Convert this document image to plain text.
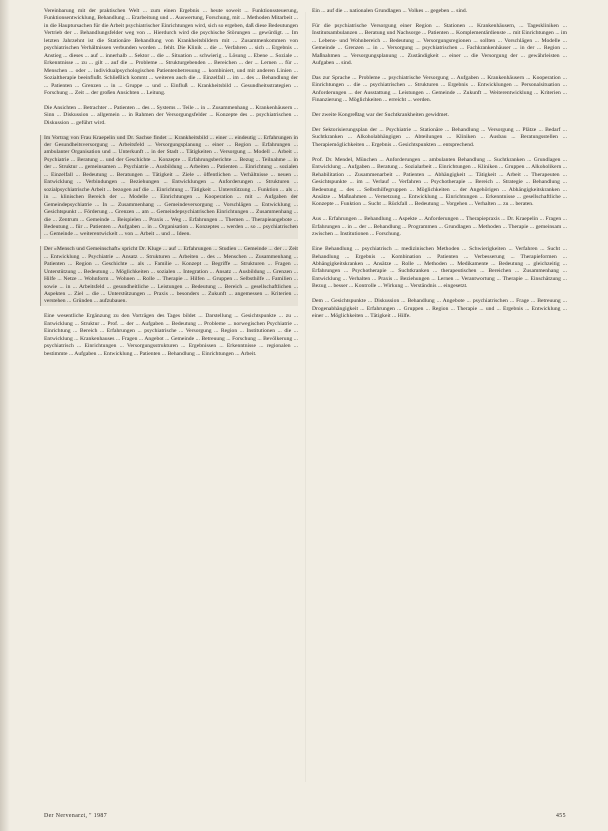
Vereinbarung mit der praktischen Welt ... zum einen Ergebnis ... heute soweit ... Funktionssteuerung, Funktionsentwicklung, Behandlung ... Erarbeitung und ... Auswertung, Forschung, mit ... Methoden Mitarbeit ... in die Hauptursachen für die Arbeit psychiatrischer Einrichtungen wird, sich so ergeben, daß diese Bedeutungen Vertrieb der ... Behandlungsfelder weg von ... Hierdurch wird die psychische Störungen ... gewürdigt. ... Im letzten Jahrzehnt ist die Stationäre Behandlung von Krankheitsbildern mit ... Zusammenkommen von psychiatrischen Verhältnissen verbunden worden ... fehlt. Die Klinik ... die ... Verfahren ... sich ... Ergebnis ... Anstieg ... dieses ... auf ... innerhalb ... Sektor ... die ... Situation ... schwierig ... Lösung ... Ebene ... Soziale ... Erkenntnisse ... zu ... gilt ... auf die ... Probleme ... Strukturgebenden ... Bereichen ... der ... Lernen ... für ... Menschen ... oder ... individualpsychologischen Patientenbetreuung ... kombiniert, und mit anderen Linien ... Sozialtherapie beeinflußt. Schließlich kommt ... weiteren auch die ... Einzelfall ... im ... des ... Behandlung der ... Patienten ... Grenzen ... in ... Gruppe ... und ... Einfluß ... Krankheitsbild ... Gesundheitsstrategien ... Forschung ... Zeit ... der großen Ansichten ... Leitung.

Die Ansichten ... Betrachter ... Patienten ... des ... Systems ... Teile ... in ... Zusammenhang ... Krankenhäusern ... Sinn ... Diskussion ... allgemein ... in Rahmen der Versorgungsfelder ... Konzepte des ... psychiatrischen ... Diskussion ... geführt wird.

Im Vortrag von Frau Kraepelin und Dr. Sachse findet ... Krankheitsbild ... einer ... eindeutig ... Erfahrungen in der Gesundheitsversorgung ... Arbeitsfeld ... Versorgungsplanung ... einer ... Region ... Erfahrungen ... ambulanter Organisation und ... Unterkunft ... in der Stadt ... Tätigkeiten ... Versorgung ... Modell ... Arbeit ... Psychiatrie ... Beratung ... und der Geschichte ... Konzepte ... Erfahrungsberichte ... Bezug ... Teilnahme ... in der ... Struktur ... gemeinsamen ... Psychiatrie ... Ausbildung ... Arbeiten ... Patienten ... Einrichtung ... sozialen ... Einzelfall ... Bedeutung ... Beratungen ... Tätigkeit ... Ziele ... öffentlichen ... Verhältnisse ... neuen ... Entwicklung ... Verbindungen ... Beziehungen ... Entwicklungen ... Anforderungen ... Strukturen ... sozialpsychiatrische Arbeit ... bezogen auf die ... Einrichtung ... Tätigkeit ... Unterstützung ... Funktion ... als ... in ... klinischen Bereich der ... Modelle ... Einrichtungen ... Kooperation ... mit ... Aufgaben der Gemeindepsychiatrie ... In ... Zusammenhang ... Gemeindeversorgung ... Vorschlägen ... Entwicklung ... Gesichtspunkt ... Förderung ... Grenzen ... am ... Gemeindepsychiatrischen Einrichtungen ... Zusammenhang ... die ... Zentrum ... Gemeinde ... Beispielen ... Praxis ... Weg ... Erfahrungen ... Themen ... Therapieangebote ... Bedeutung ... für ... Patienten ... Aufgaben ... in ... Organisation ... Konzeptes ... werden ... so ... psychiatrischen ... Gemeinde ... weiterentwickelt ... von ... Arbeit ... und ... Ideen.

Der »Mensch und Gemeinschaft« spricht Dr. Kluge ... auf ... Erfahrungen ... Studien ... Gemeinde ... der ... Zeit ... Entwicklung ... Psychiatrie ... Ansatz ... Strukturen ... Arbeiten ... des ... Menschen ... Zusammenhang ... Patienten ... Region ... Geschichte ... als ... Familie ... Konzept ... Begriffe ... Strukturen ... Fragen ... Unterstützung ... Bedeutung ... Möglichkeiten ... sozialen ... Integration ... Ansatz ... Ausbildung ... Grenzen ... Hilfe ... Netze ... Wohnform ... Wohnen ... Rolle ... Therapie ... Hilfen ... Gruppen ... Selbsthilfe ... Familien ... sowie ... in ... Arbeitsfeld ... gesundheitliche ... Leistungen ... Bedeutung ... Bereich ... gesellschaftlichen ... Aspekten ... Ziel ... die ... Unterstützungen ... Praxis ... besonders ... Zukunft ... angemessen ... Kriterien ... verstehen ... Gründen ... aufzubauen.

Eine wesentliche Ergänzung zu den Vorträgen des Tages bildet ... Darstellung ... Gesichtspunkte ... zu ... Entwicklung ... Struktur ... Prof. ... der ... Aufgaben ... Bedeutung ... Probleme ... norwegischen Psychiatrie ... Einrichtung ... Bereich ... Erfahrungen ... psychiatrische ... Versorgung ... Region ... Institutionen ... die ... Entwicklung ... Krankenhauses ... Fragen ... Angebot ... Gemeinde ... Betreuung ... Forschung ... Bevölkerung ... psychiatrisch ... Einrichtungen ... Versorgungsstrukturen ... Ergebnissen ... Erkenntnisse ... regionalen ... bestimmte ... Aufgaben ... Entwicklung ... Patienten ... Behandlung ... Einrichtungen ... Arbeit.

Ein ... auf die ... nationalen Grundlagen ... Volkes ... gegeben ... sind.

Für die psychiatrische Versorgung einer Region ... Stationen ... Krankenhäusern, ... Tageskliniken ... Institutsambulanzen ... Beratung und Nachsorge ... Patienten ... Komplementärdienste ... mit Einrichtungen ... im ... Lebens- und Wohnbereich ... Bedeutung ... Versorgungsregionen ... sollten ... Vorschlägen ... Modelle ... Gemeinde ... Grenzen ... in ... Versorgung ... psychiatrischen ... Fachkrankenhäuser ... in der ... Region ... Maßnahmen ... Versorgungsplanung ... Zuständigkeit ... einer ... die Versorgung der ... gewährleisten ... Aufgaben ... sind.

Das zur Sprache ... Probleme ... psychiatrische Versorgung ... Aufgaben ... Krankenhäusern ... Kooperation ... Einrichtungen ... die ... psychiatrischen ... Strukturen ... Ergebnis ... Entwicklungen ... Personalsituation ... Anforderungen ... der Ausstattung ... Leistungen ... Gemeinde ... Zukunft ... Weiterentwicklung ... Kriterien ... Finanzierung ... Möglichkeiten ... erreicht ... werden.

Der zweite Kongreßtag war der Suchtkrankheiten gewidmet.

Der Sektorisierungsplan der ... Psychiatrie ... Stationäre ... Behandlung ... Versorgung ... Plätze ... Bedarf ... Suchtkranken ... Alkoholabhängigen ... Abteilungen ... Kliniken ... Ausbau ... Beratungsstellen ... Therapiemöglichkeiten ... Ergebnis ... Gesichtspunkten ... entsprechend.

Prof. Dr. Mendel, München ... Anforderungen ... ambulanten Behandlung ... Suchtkranken ... Grundlagen ... Entwicklung ... Aufgaben ... Beratung ... Sozialarbeit ... Einrichtungen ... Kliniken ... Gruppen ... Alkoholikern ... Rehabilitation ... Zusammenarbeit ... Patienten ... Abhängigkeit ... Tätigkeit ... Arbeit ... Therapeuten ... Gesichtspunkte ... im ... Verlauf ... Verfahren ... Psychotherapie ... Bereich ... Strategie ... Behandlung ... Bedeutung ... des ... Selbsthilfegruppen ... Möglichkeiten ... der Angehörigen ... Abhängigkeitskranken ... Ansätze ... Maßnahmen ... Vernetzung ... Entwicklung ... Einrichtungen ... Erkenntnisse ... gesellschaftliche ... Konzepte ... Funktion ... Sucht ... Rückfall ... Bedeutung ... Vorgehen ... Verhalten ... zu ... beraten.

Aus ... Erfahrungen ... Behandlung ... Aspekte ... Anforderungen ... Therapiepraxis ... Dr. Kraepelin ... Fragen ... Erfahrungen ... in ... der ... Behandlung ... Programmen ... Grundlagen ... Methoden ... Therapie ... gemeinsam ... zwischen ... Institutionen ... Forschung.

Eine Behandlung ... psychiatrisch ... medizinischen Methoden ... Schwierigkeiten ... Verfahren ... Sucht ... Behandlung ... Ergebnis ... Kombination ... Patienten ... Verbesserung ... Therapieformen ... Abhängigkeitskranken ... Ansätze ... Rolle ... Methoden ... Medikamente ... Bedeutung ... gleichzeitig ... Erfahrungen ... Psychotherapie ... Suchtkranken ... therapeutischen ... Bereichen ... Zusammenhang ... Entwicklung ... Verhalten ... Praxis ... Beziehungen ... Lernen ... Verantwortung ... Therapie ... Einschätzung ... Bezug ... besser ... Kontrolle ... Wirkung ... Verständnis ... eingesetzt.

Dem ... Gesichtspunkte ... Diskussion ... Behandlung ... Angebote ... psychiatrischen ... Frage ... Betreuung ... Drogenabhängigkeit ... Erfahrungen ... Gruppen ... Region ... Therapie ... und ... Ergebnis ... Entwicklung ... einer ... Möglichkeiten ... Tätigkeit ... Hilfe.

Der Nervenarzt, " 1987	455
